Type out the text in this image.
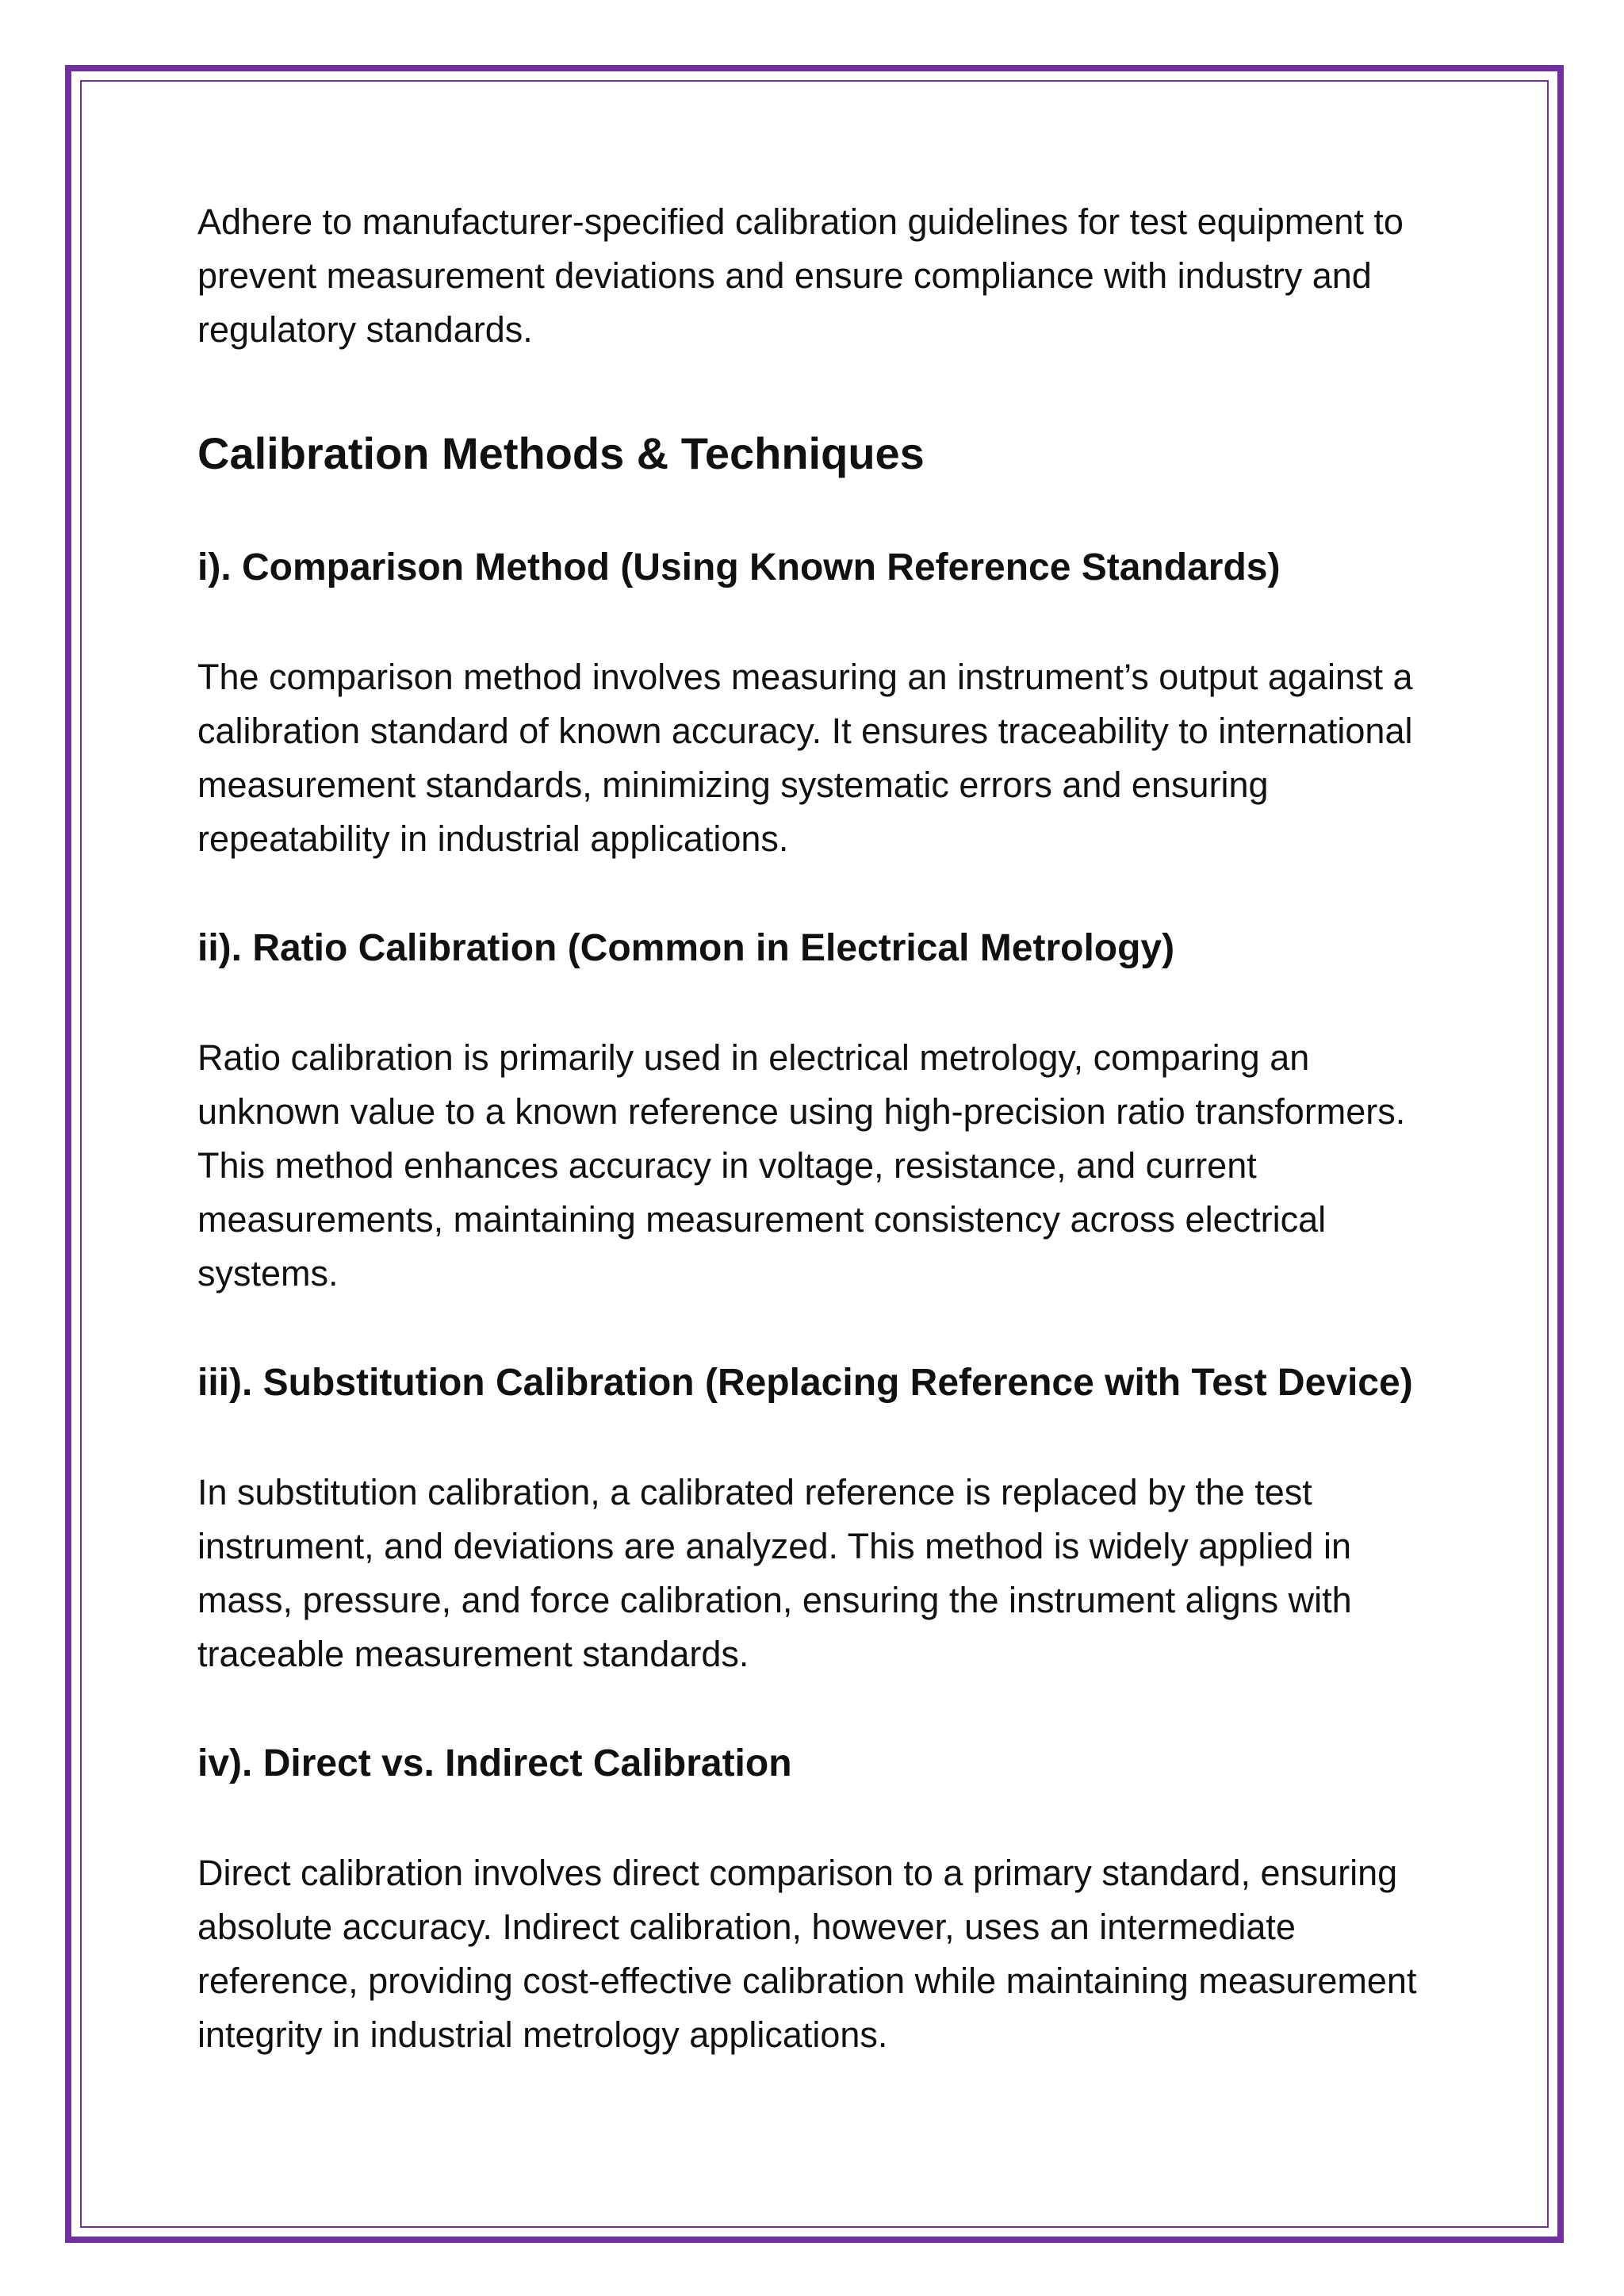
Adhere to manufacturer-specified calibration guidelines for test equipment to prevent measurement deviations and ensure compliance with industry and regulatory standards.

Calibration Methods & Techniques
i). Comparison Method (Using Known Reference Standards)

The comparison method involves measuring an instrument’s output against a calibration standard of known accuracy. It ensures traceability to international measurement standards, minimizing systematic errors and ensuring repeatability in industrial applications.

ii). Ratio Calibration (Common in Electrical Metrology)

Ratio calibration is primarily used in electrical metrology, comparing an unknown value to a known reference using high-precision ratio transformers. This method enhances accuracy in voltage, resistance, and current measurements, maintaining measurement consistency across electrical systems.

iii). Substitution Calibration (Replacing Reference with Test Device)

In substitution calibration, a calibrated reference is replaced by the test instrument, and deviations are analyzed. This method is widely applied in mass, pressure, and force calibration, ensuring the instrument aligns with traceable measurement standards.

iv). Direct vs. Indirect Calibration

Direct calibration involves direct comparison to a primary standard, ensuring absolute accuracy. Indirect calibration, however, uses an intermediate reference, providing cost-effective calibration while maintaining measurement integrity in industrial metrology applications.
